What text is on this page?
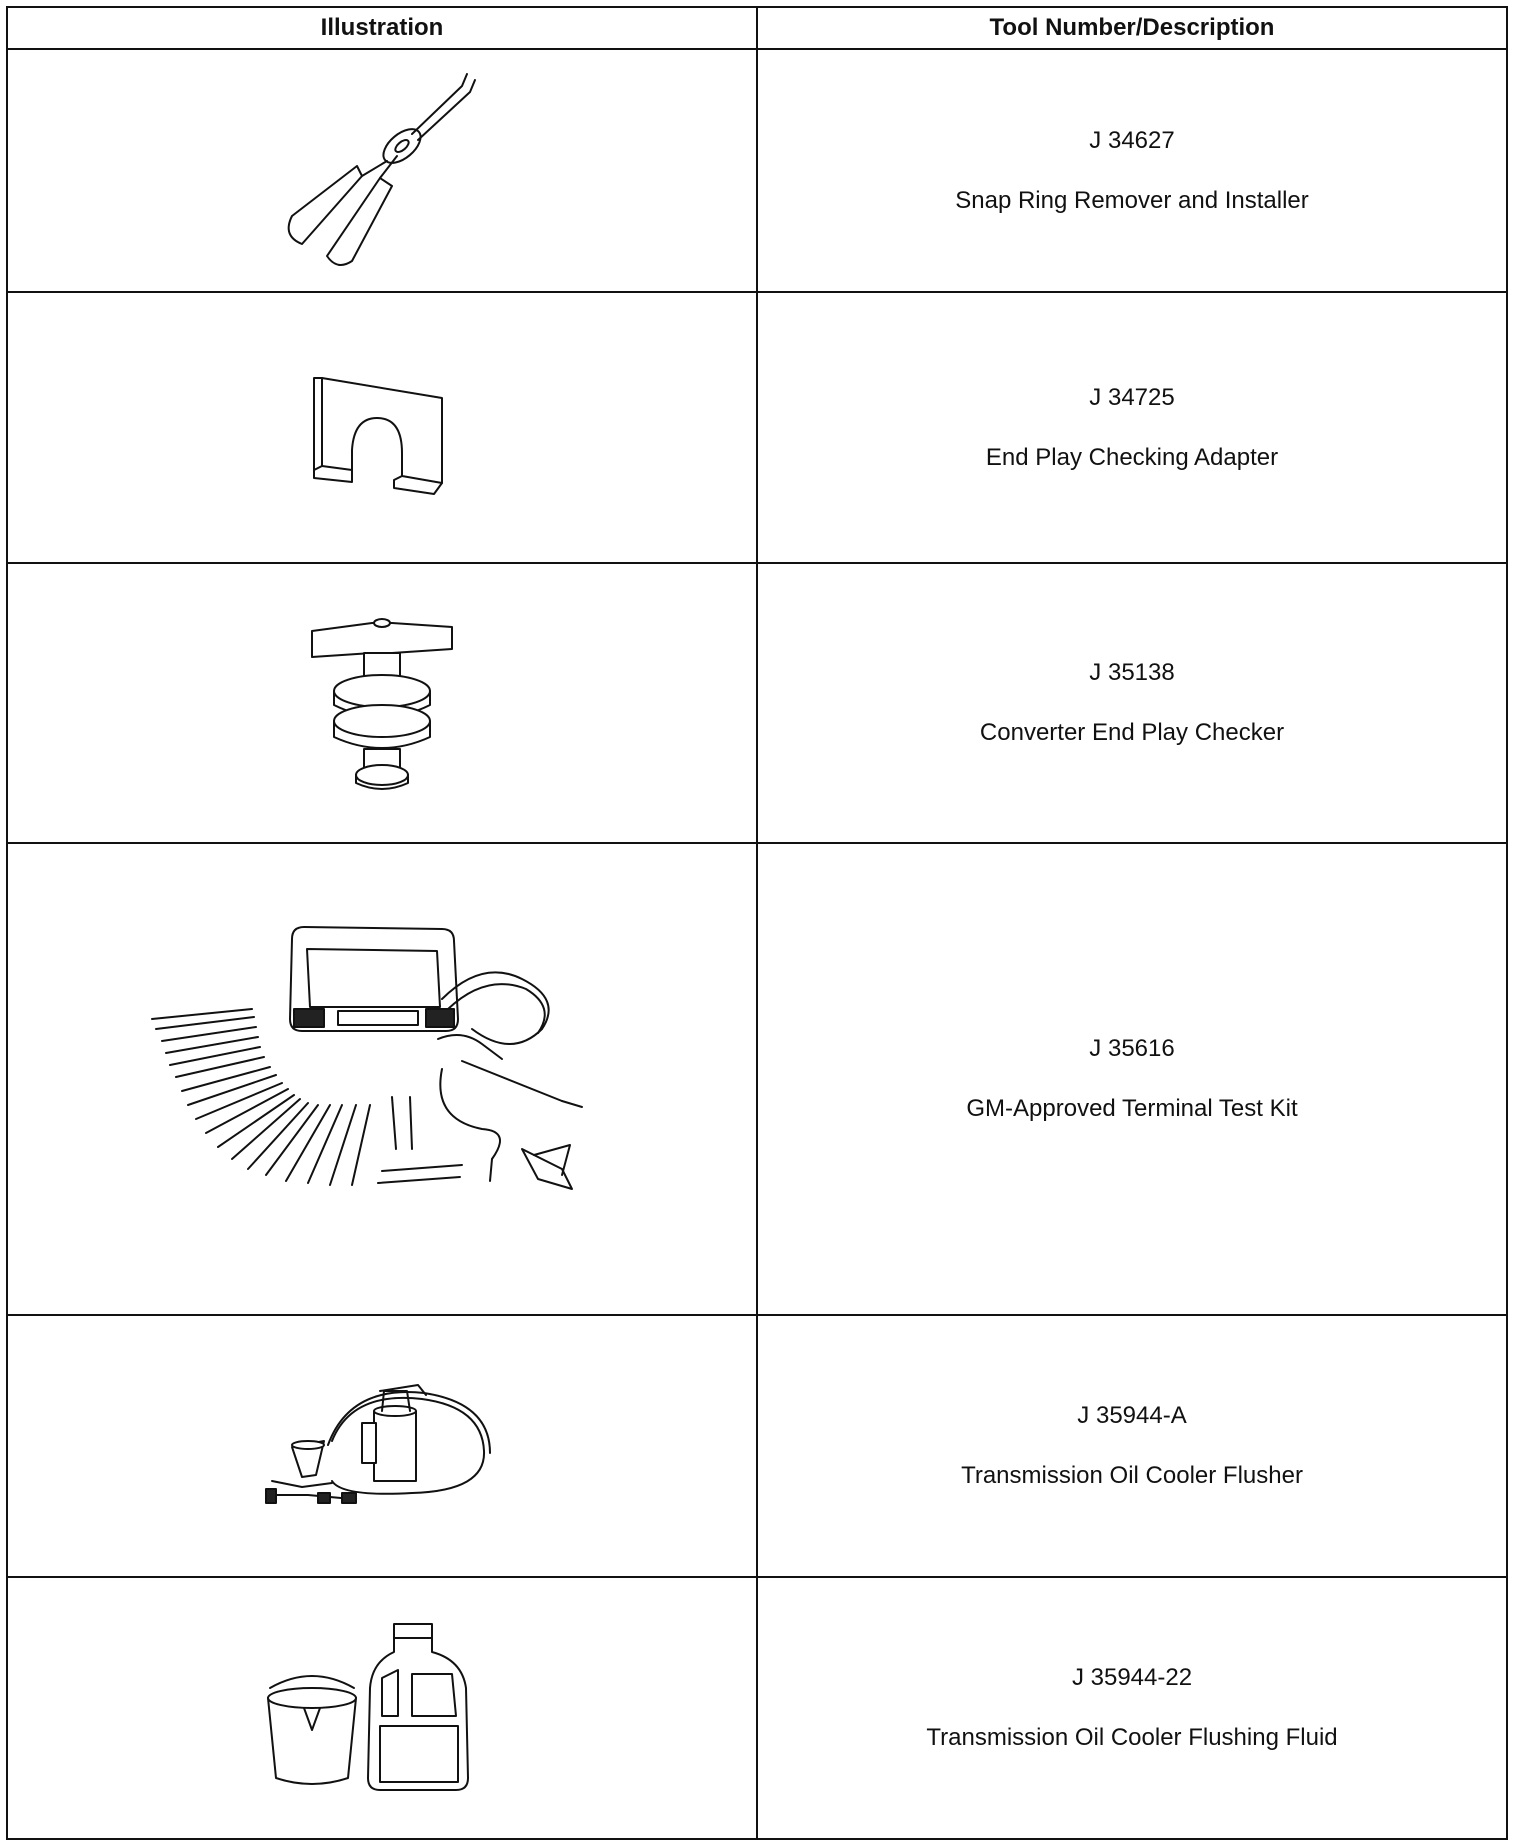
Illustration	Tool Number/Description

J 34627
Snap Ring Remover and Installer

J 34725
End Play Checking Adapter

J 35138
Converter End Play Checker

J 35616
GM-Approved Terminal Test Kit

J 35944-A
Transmission Oil Cooler Flusher

J 35944-22
Transmission Oil Cooler Flushing Fluid
